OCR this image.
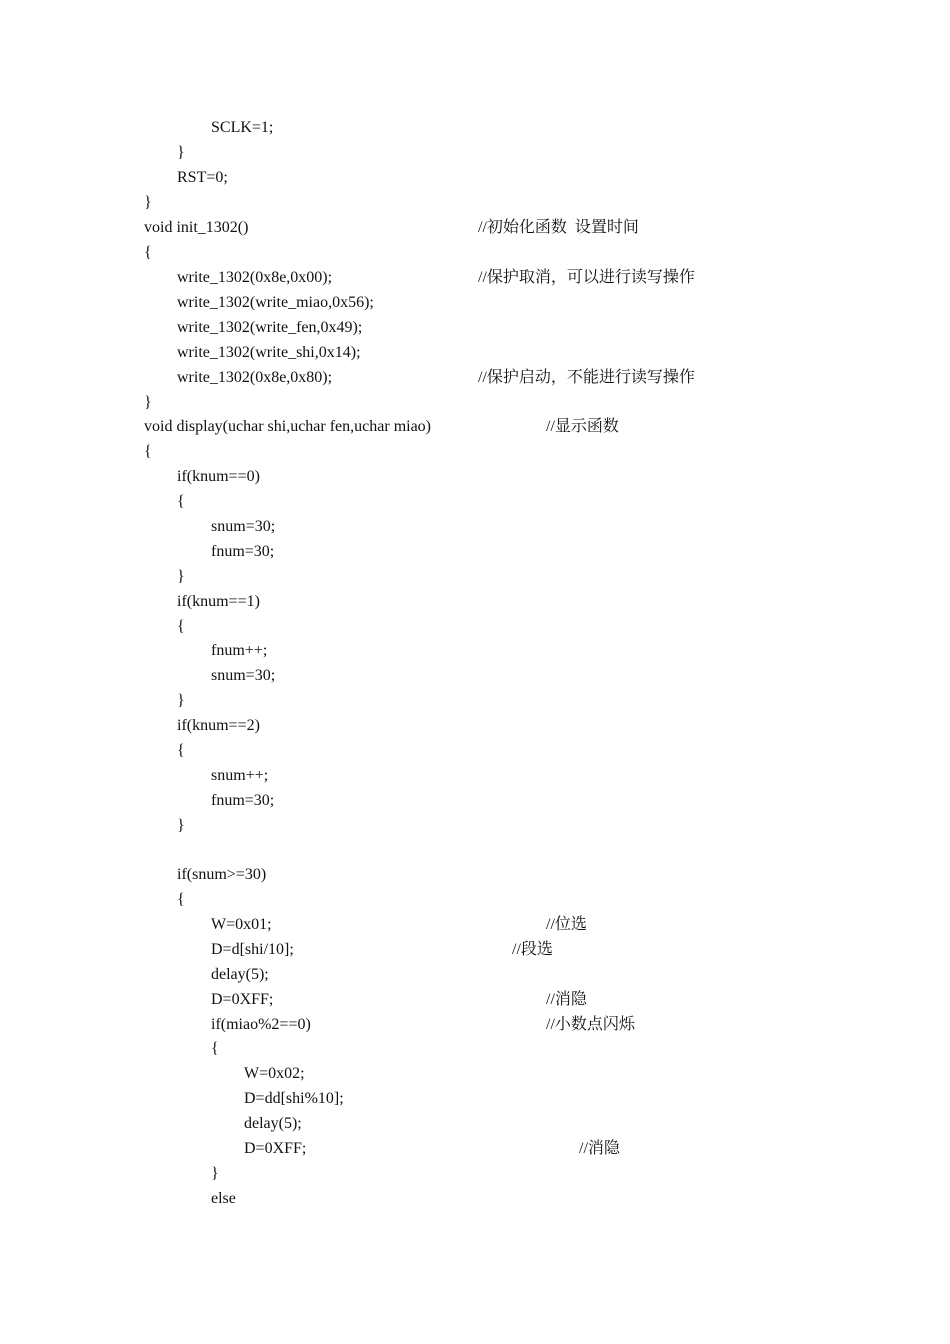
SCLK=1;
}
RST=0;
}
void init_1302()	//初始化函数  设置时间
{
write_1302(0x8e,0x00);	//保护取消，可以进行读写操作
write_1302(write_miao,0x56);
write_1302(write_fen,0x49);
write_1302(write_shi,0x14);
write_1302(0x8e,0x80);	//保护启动，不能进行读写操作
}
void display(uchar shi,uchar fen,uchar miao)	//显示函数
{
if(knum==0)
{
snum=30;
fnum=30;
}
if(knum==1)
{
fnum++;
snum=30;
}
if(knum==2)
{
snum++;
fnum=30;
}
if(snum>=30)
{
W=0x01;	//位选
D=d[shi/10];	//段选
delay(5);
D=0XFF;	//消隐
if(miao%2==0)	//小数点闪烁
{
W=0x02;
D=dd[shi%10];
delay(5);
D=0XFF;	//消隐
}
else
